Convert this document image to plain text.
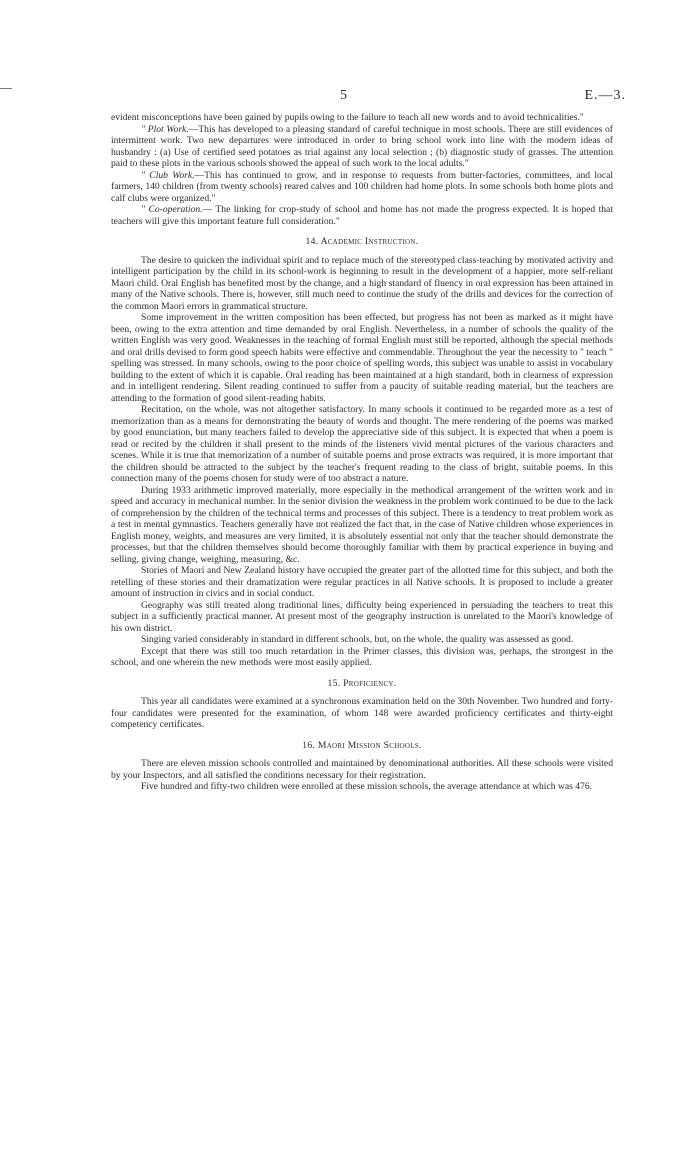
5	E.—3.

evident misconceptions have been gained by pupils owing to the failure to teach all new words and to avoid technicalities."

" Plot Work.—This has developed to a pleasing standard of careful technique in most schools. There are still evidences of intermittent work. Two new departures were introduced in order to bring school work into line with the modern ideas of husbandry : (a) Use of certified seed potatoes as trial against any local selection ; (b) diagnostic study of grasses. The attention paid to these plots in the various schools showed the appeal of such work to the local adults."

" Club Work.—This has continued to grow, and in response to requests from butter-factories, committees, and local farmers, 140 children (from twenty schools) reared calves and 100 children had home plots. In some schools both home plots and calf clubs were organized."

" Co-operation.— The linking for crop-study of school and home has not made the progress expected. It is hoped that teachers will give this important feature full consideration."

14. Academic Instruction.

The desire to quicken the individual spirit and to replace much of the stereotyped class-teaching by motivated activity and intelligent participation by the child in its school-work is beginning to result in the development of a happier, more self-reliant Maori child. Oral English has benefited most by the change, and a high standard of fluency in oral expression has been attained in many of the Native schools. There is, however, still much need to continue the study of the drills and devices for the correction of the common Maori errors in grammatical structure.

Some improvement in the written composition has been effected, but progress has not been as marked as it might have been, owing to the extra attention and time demanded by oral English. Nevertheless, in a number of schools the quality of the written English was very good. Weaknesses in the teaching of formal English must still be reported, although the special methods and oral drills devised to form good speech habits were effective and commendable. Throughout the year the necessity to " teach " spelling was stressed. In many schools, owing to the poor choice of spelling words, this subject was unable to assist in vocabulary building to the extent of which it is capable. Oral reading has been maintained at a high standard, both in clearness of expression and in intelligent rendering. Silent reading continued to suffer from a paucity of suitable reading material, but the teachers are attending to the formation of good silent-reading habits.

Recitation, on the whole, was not altogether satisfactory. In many schools it continued to be regarded more as a test of memorization than as a means for demonstrating the beauty of words and thought. The mere rendering of the poems was marked by good enunciation, but many teachers failed to develop the appreciative side of this subject. It is expected that when a poem is read or recited by the children it shall present to the minds of the listeners vivid mental pictures of the various characters and scenes. While it is true that memorization of a number of suitable poems and prose extracts was required, it is more important that the children should be attracted to the subject by the teacher's frequent reading to the class of bright, suitable poems. In this connection many of the poems chosen for study were of too abstract a nature.

During 1933 arithmetic improved materially, more especially in the methodical arrangement of the written work and in speed and accuracy in mechanical number. In the senior division the weakness in the problem work continued to be due to the lack of comprehension by the children of the technical terms and processes of this subject. There is a tendency to treat problem work as a test in mental gymnastics. Teachers generally have not realized the fact that, in the case of Native children whose experiences in English money, weights, and measures are very limited, it is absolutely essential not only that the teacher should demonstrate the processes, but that the children themselves should become thoroughly familiar with them by practical experience in buying and selling, giving change, weighing, measuring, &c.

Stories of Maori and New Zealand history have occupied the greater part of the allotted time for this subject, and both the retelling of these stories and their dramatization were regular practices in all Native schools. It is proposed to include a greater amount of instruction in civics and in social conduct.

Geography was still treated along traditional lines, difficulty being experienced in persuading the teachers to treat this subject in a sufficiently practical manner. At present most of the geography instruction is unrelated to the Maori's knowledge of his own district.

Singing varied considerably in standard in different schools, but, on the whole, the quality was assessed as good.

Except that there was still too much retardation in the Primer classes, this division was, perhaps, the strongest in the school, and one wherein the new methods were most easily applied.

15. Proficiency.

This year all candidates were examined at a synchronous examination held on the 30th November. Two hundred and forty-four candidates were presented for the examination, of whom 148 were awarded proficiency certificates and thirty-eight competency certificates.

16. Maori Mission Schools.

There are eleven mission schools controlled and maintained by denominational authorities. All these schools were visited by your Inspectors, and all satisfied the conditions necessary for their registration.

Five hundred and fifty-two children were enrolled at these mission schools, the average attendance at which was 476.
